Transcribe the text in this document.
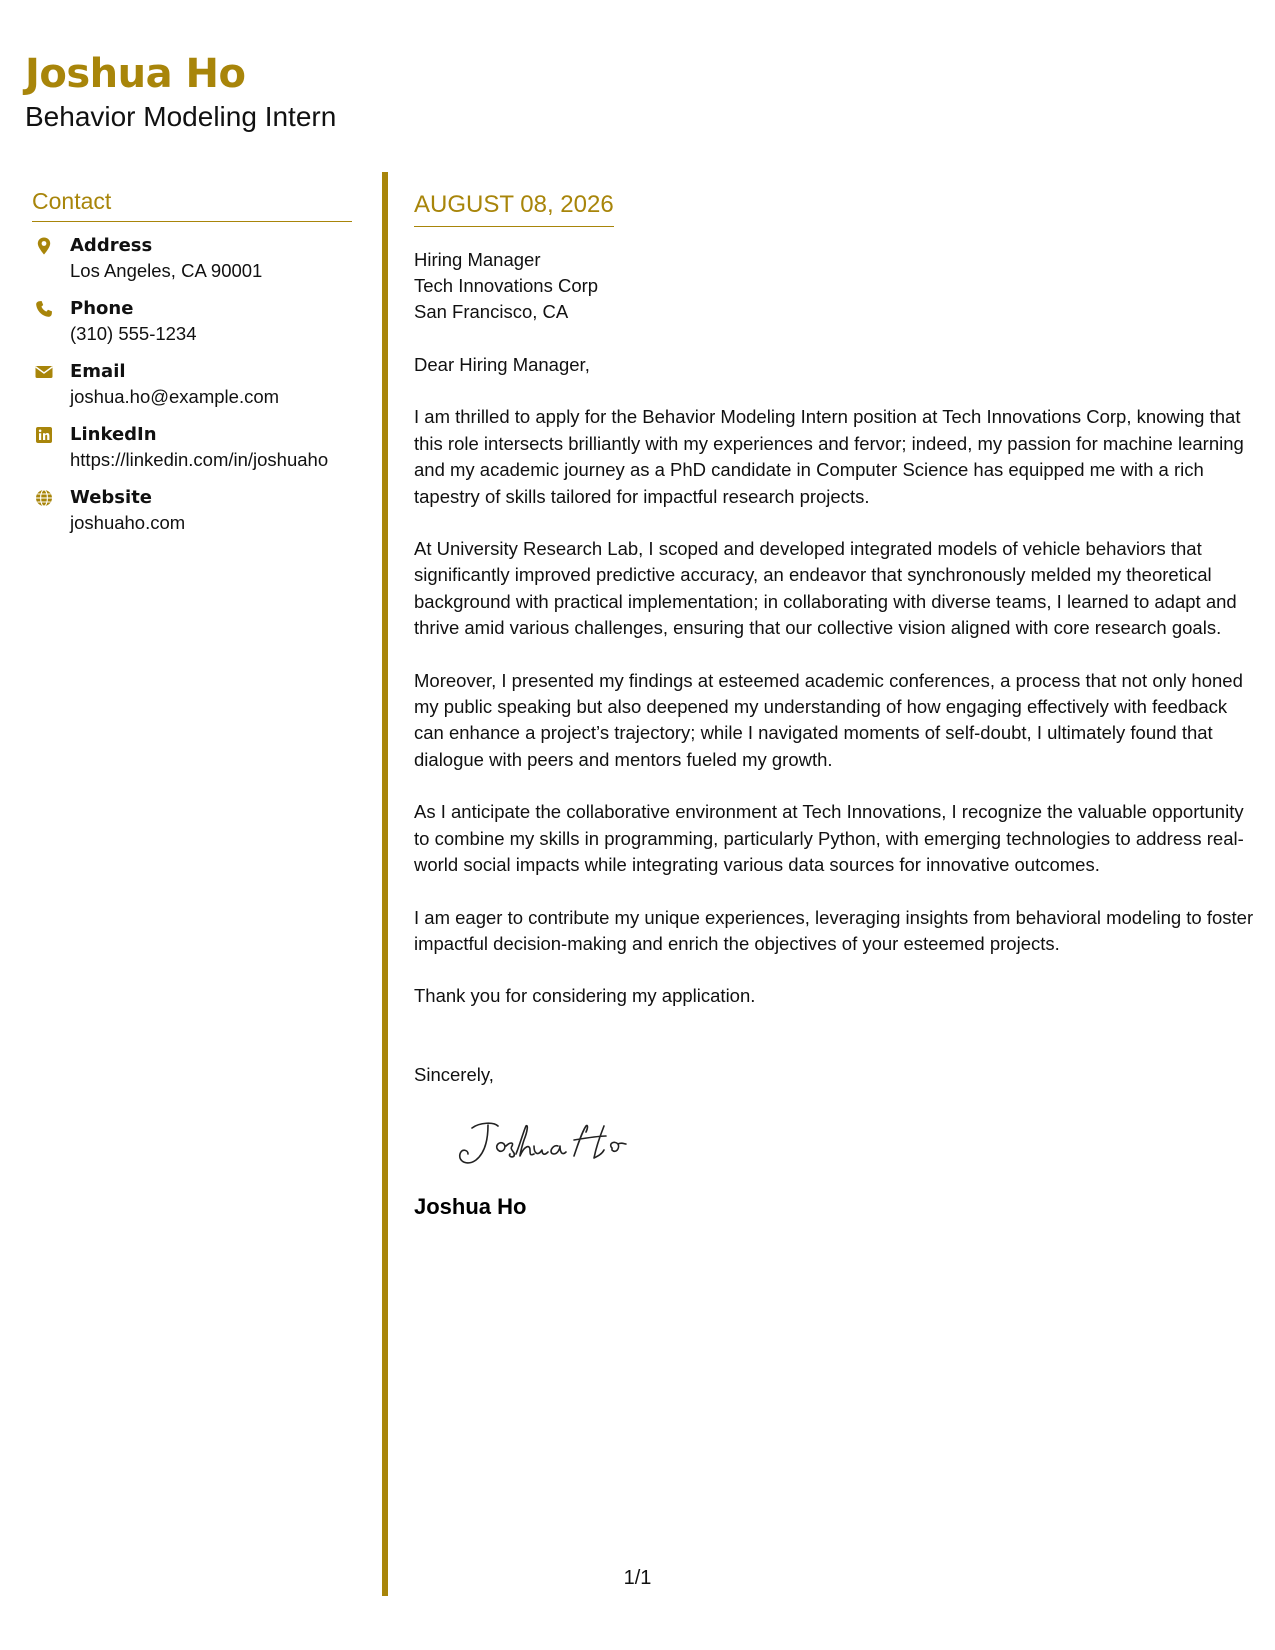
Joshua Ho
Behavior Modeling Intern
Contact
Address
Los Angeles, CA 90001
Phone
(310) 555-1234
Email
joshua.ho@example.com
LinkedIn
https://linkedin.com/in/joshuaho
Website
joshuaho.com
AUGUST 08, 2026
Hiring Manager
Tech Innovations Corp
San Francisco, CA
Dear Hiring Manager,
I am thrilled to apply for the Behavior Modeling Intern position at Tech Innovations Corp, knowing that this role intersects brilliantly with my experiences and fervor; indeed, my passion for machine learning and my academic journey as a PhD candidate in Computer Science has equipped me with a rich tapestry of skills tailored for impactful research projects.
At University Research Lab, I scoped and developed integrated models of vehicle behaviors that significantly improved predictive accuracy, an endeavor that synchronously melded my theoretical background with practical implementation; in collaborating with diverse teams, I learned to adapt and thrive amid various challenges, ensuring that our collective vision aligned with core research goals.
Moreover, I presented my findings at esteemed academic conferences, a process that not only honed my public speaking but also deepened my understanding of how engaging effectively with feedback can enhance a project’s trajectory; while I navigated moments of self-doubt, I ultimately found that dialogue with peers and mentors fueled my growth.
As I anticipate the collaborative environment at Tech Innovations, I recognize the valuable opportunity to combine my skills in programming, particularly Python, with emerging technologies to address real-world social impacts while integrating various data sources for innovative outcomes.
I am eager to contribute my unique experiences, leveraging insights from behavioral modeling to foster impactful decision-making and enrich the objectives of your esteemed projects.
Thank you for considering my application.
Sincerely,
Joshua Ho
1/1
